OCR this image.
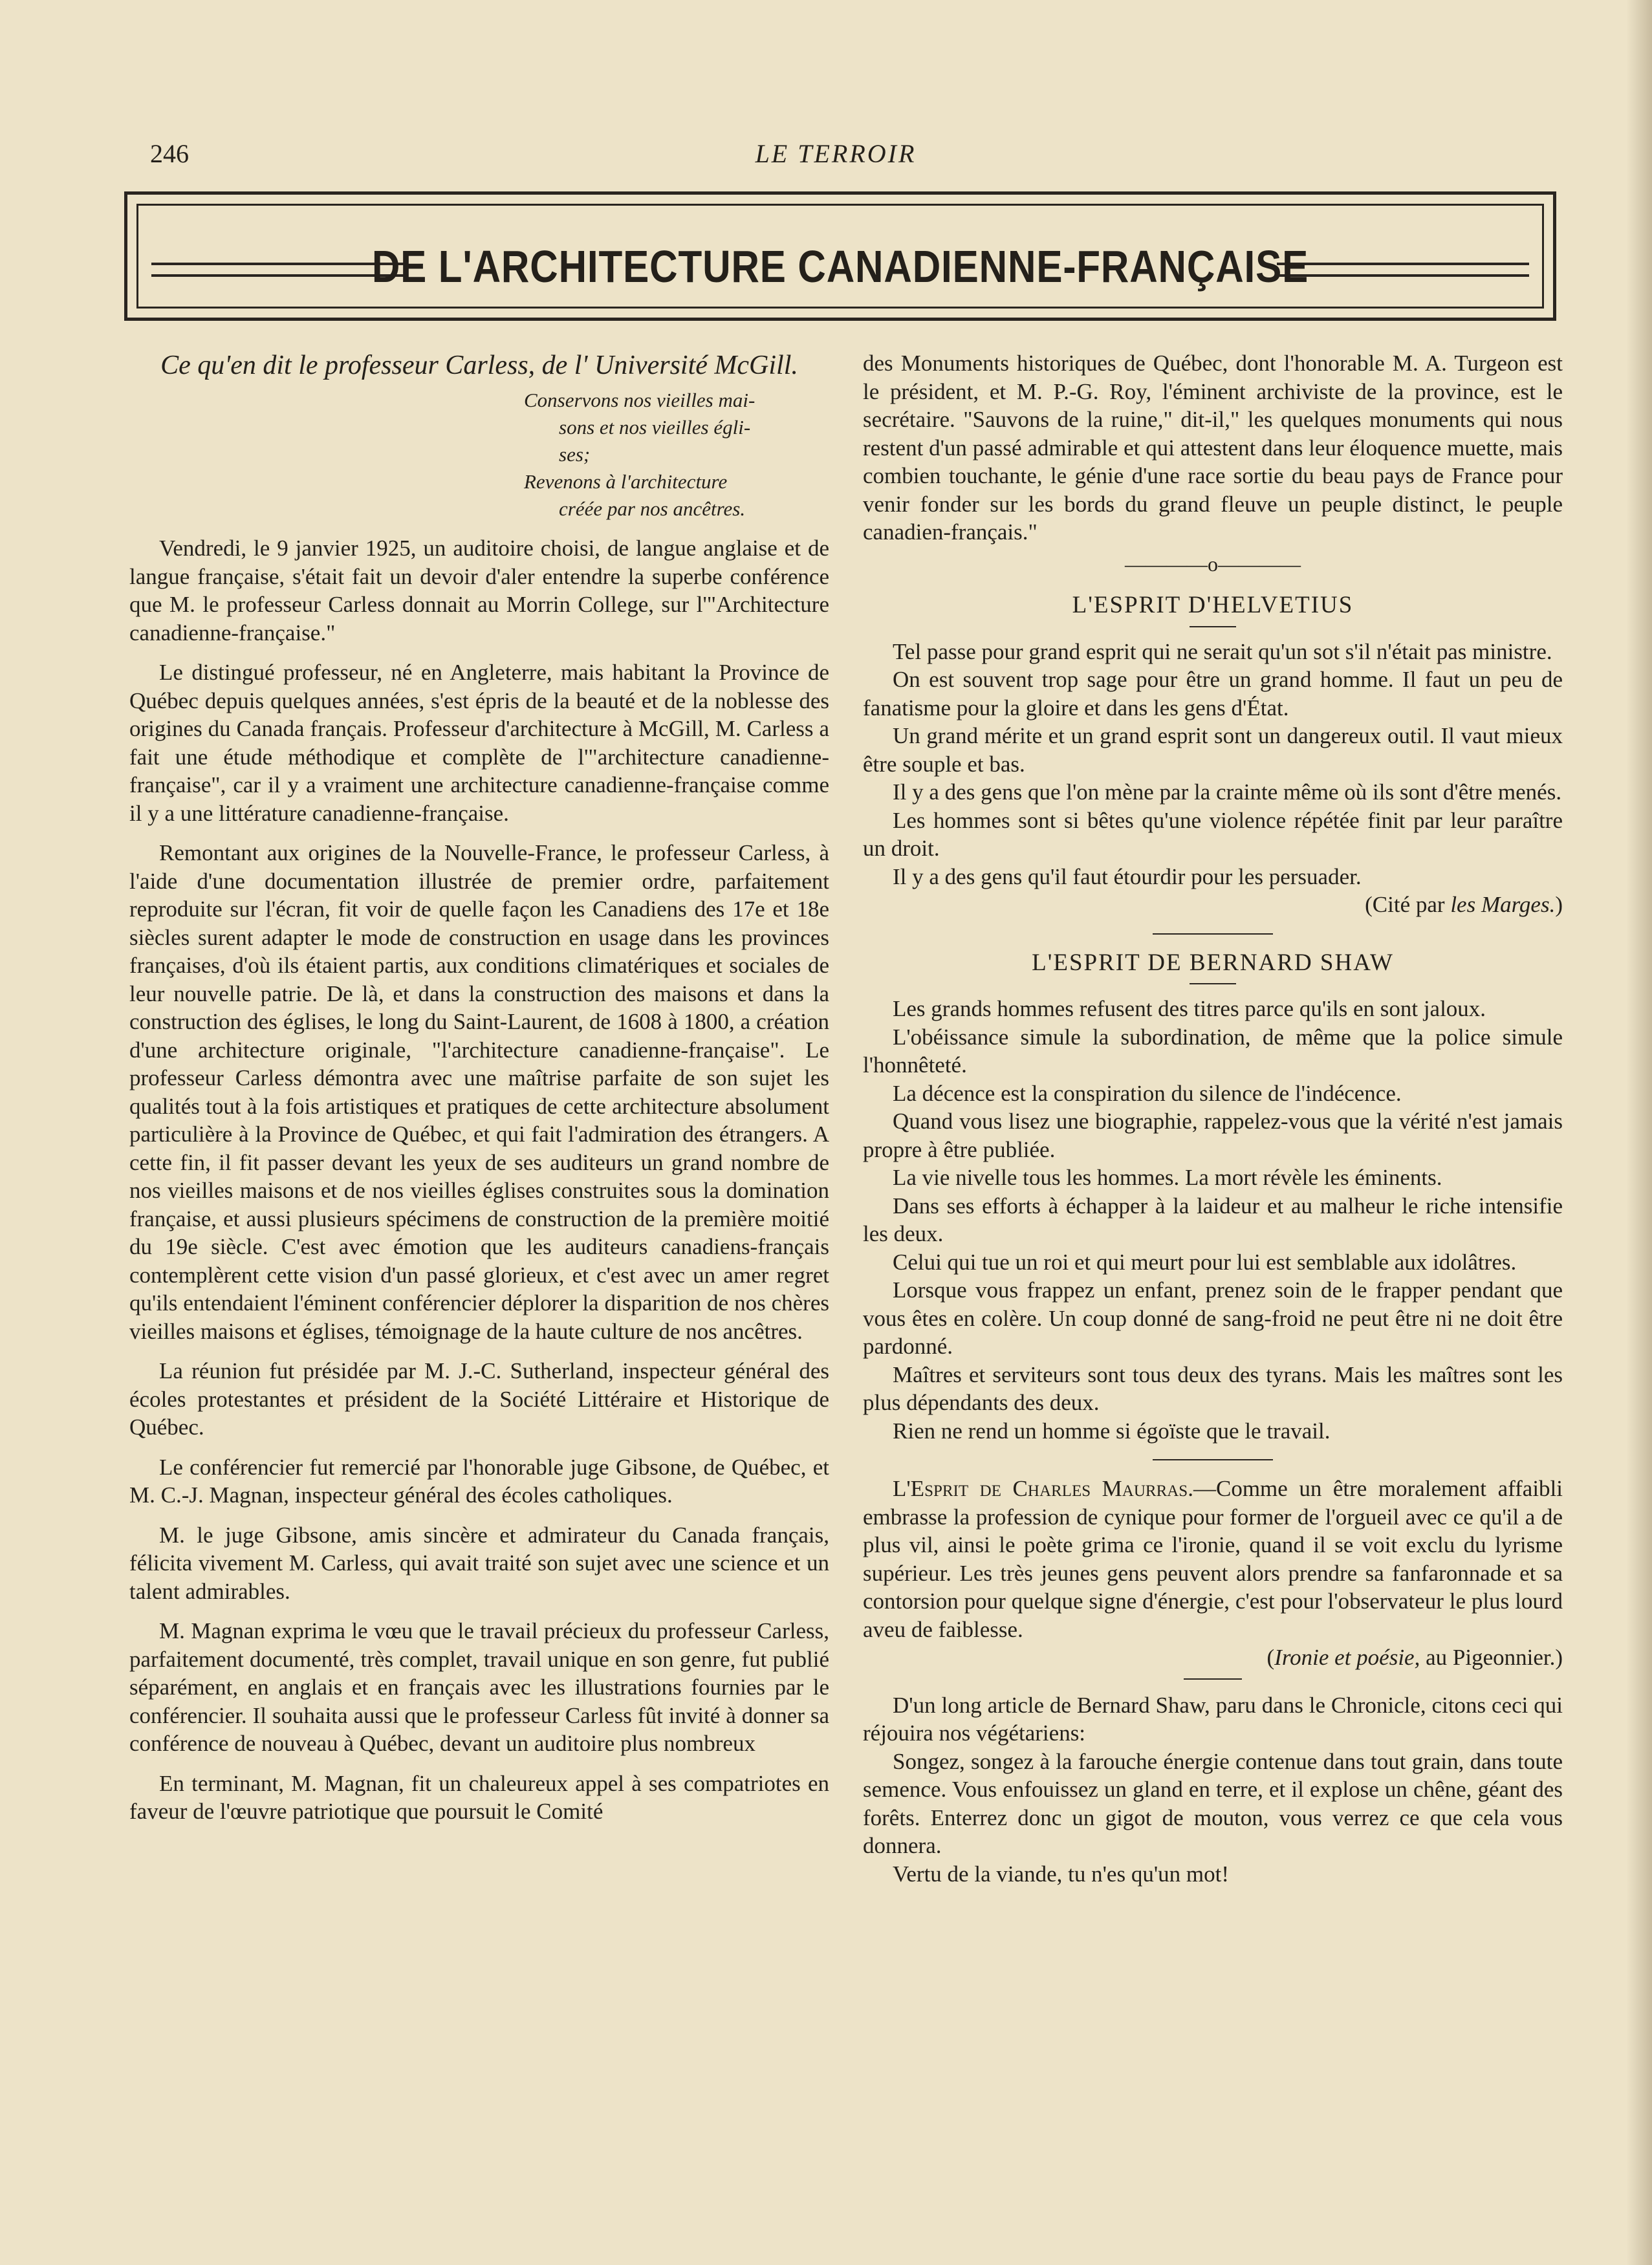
246	LE TERROIR
DE L'ARCHITECTURE CANADIENNE-FRANÇAISE
Ce qu'en dit le professeur Carless, de l' Université McGill.
Conservons nos vieilles mai-
sons et nos vieilles égli-
ses;
Revenons à l'architecture
créée par nos ancêtres.

Vendredi, le 9 janvier 1925, un auditoire choisi, de langue anglaise et de langue française, s'était fait un devoir d'aler entendre la superbe conférence que M. le professeur Carless donnait au Morrin College, sur l'"Architecture canadienne-française."

Le distingué professeur, né en Angleterre, mais habitant la Province de Québec depuis quelques années, s'est épris de la beauté et de la noblesse des origines du Canada français. Professeur d'architecture à McGill, M. Carless a fait une étude méthodique et complète de l'"architecture canadienne-française", car il y a vraiment une architecture canadienne-française comme il y a une littérature canadienne-française.

Remontant aux origines de la Nouvelle-France, le professeur Carless, à l'aide d'une documentation illustrée de premier ordre, parfaitement reproduite sur l'écran, fit voir de quelle façon les Canadiens des 17e et 18e siècles surent adapter le mode de construction en usage dans les provinces françaises, d'où ils étaient partis, aux conditions climatériques et sociales de leur nouvelle patrie. De là, et dans la construction des maisons et dans la construction des églises, le long du Saint-Laurent, de 1608 à 1800, a création d'une architecture originale, "l'architecture canadienne-française". Le professeur Carless démontra avec une maîtrise parfaite de son sujet les qualités tout à la fois artistiques et pratiques de cette architecture absolument particulière à la Province de Québec, et qui fait l'admiration des étrangers. A cette fin, il fit passer devant les yeux de ses auditeurs un grand nombre de nos vieilles maisons et de nos vieilles églises construites sous la domination française, et aussi plusieurs spécimens de construction de la première moitié du 19e siècle. C'est avec émotion que les auditeurs canadiens-français contemplèrent cette vision d'un passé glorieux, et c'est avec un amer regret qu'ils entendaient l'éminent conférencier déplorer la disparition de nos chères vieilles maisons et églises, témoignage de la haute culture de nos ancêtres.

La réunion fut présidée par M. J.-C. Sutherland, inspecteur général des écoles protestantes et président de la Société Littéraire et Historique de Québec.

Le conférencier fut remercié par l'honorable juge Gibsone, de Québec, et M. C.-J. Magnan, inspecteur général des écoles catholiques.

M. le juge Gibsone, amis sincère et admirateur du Canada français, félicita vivement M. Carless, qui avait traité son sujet avec une science et un talent admirables.

M. Magnan exprima le vœu que le travail précieux du professeur Carless, parfaitement documenté, très complet, travail unique en son genre, fut publié séparément, en anglais et en français avec les illustrations fournies par le conférencier. Il souhaita aussi que le professeur Carless fût invité à donner sa conférence de nouveau à Québec, devant un auditoire plus nombreux

En terminant, M. Magnan, fit un chaleureux appel à ses compatriotes en faveur de l'œuvre patriotique que poursuit le Comité

des Monuments historiques de Québec, dont l'honorable M. A. Turgeon est le président, et M. P.-G. Roy, l'éminent archiviste de la province, est le secrétaire. "Sauvons de la ruine," dit-il," les quelques monuments qui nous restent d'un passé admirable et qui attestent dans leur éloquence muette, mais combien touchante, le génie d'une race sortie du beau pays de France pour venir fonder sur les bords du grand fleuve un peuple distinct, le peuple canadien-français."

————o————
L'ESPRIT D'HELVETIUS

Tel passe pour grand esprit qui ne serait qu'un sot s'il n'était pas ministre.

On est souvent trop sage pour être un grand homme. Il faut un peu de fanatisme pour la gloire et dans les gens d'État.

Un grand mérite et un grand esprit sont un dangereux outil. Il vaut mieux être souple et bas.

Il y a des gens que l'on mène par la crainte même où ils sont d'être menés.

Les hommes sont si bêtes qu'une violence répétée finit par leur paraître un droit.

Il y a des gens qu'il faut étourdir pour les persuader.

(Cité par les Marges.)

L'ESPRIT DE BERNARD SHAW

Les grands hommes refusent des titres parce qu'ils en sont jaloux.

L'obéissance simule la subordination, de même que la police simule l'honnêteté.

La décence est la conspiration du silence de l'indécence.

Quand vous lisez une biographie, rappelez-vous que la vérité n'est jamais propre à être publiée.

La vie nivelle tous les hommes. La mort révèle les éminents.

Dans ses efforts à échapper à la laideur et au malheur le riche intensifie les deux.

Celui qui tue un roi et qui meurt pour lui est semblable aux idolâtres.

Lorsque vous frappez un enfant, prenez soin de le frapper pendant que vous êtes en colère. Un coup donné de sang-froid ne peut être ni ne doit être pardonné.

Maîtres et serviteurs sont tous deux des tyrans. Mais les maîtres sont les plus dépendants des deux.

Rien ne rend un homme si égoïste que le travail.

L'Esprit de Charles Maurras.—Comme un être moralement affaibli embrasse la profession de cynique pour former de l'orgueil avec ce qu'il a de plus vil, ainsi le poète grima ce l'ironie, quand il se voit exclu du lyrisme supérieur. Les très jeunes gens peuvent alors prendre sa fanfaronnade et sa contorsion pour quelque signe d'énergie, c'est pour l'observateur le plus lourd aveu de faiblesse.

(Ironie et poésie, au Pigeonnier.)

D'un long article de Bernard Shaw, paru dans le Chronicle, citons ceci qui réjouira nos végétariens:

Songez, songez à la farouche énergie contenue dans tout grain, dans toute semence. Vous enfouissez un gland en terre, et il explose un chêne, géant des forêts. Enterrez donc un gigot de mouton, vous verrez ce que cela vous donnera.

Vertu de la viande, tu n'es qu'un mot!
